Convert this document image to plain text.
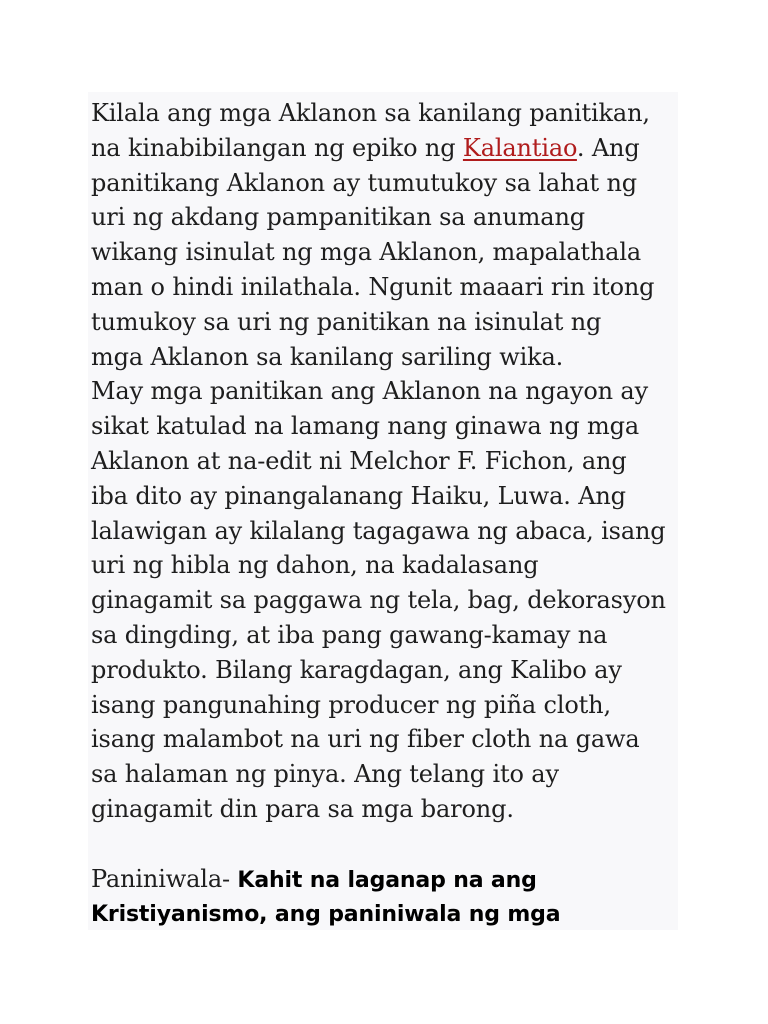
Kilala ang mga Aklanon sa kanilang panitikan,
na kinabibilangan ng epiko ng Kalantiao. Ang
panitikang Aklanon ay tumutukoy sa lahat ng
uri ng akdang pampanitikan sa anumang
wikang isinulat ng mga Aklanon, mapalathala
man o hindi inilathala. Ngunit maaari rin itong
tumukoy sa uri ng panitikan na isinulat ng
mga Aklanon sa kanilang sariling wika.
May mga panitikan ang Aklanon na ngayon ay
sikat katulad na lamang nang ginawa ng mga
Aklanon at na-edit ni Melchor F. Fichon, ang
iba dito ay pinangalanang Haiku, Luwa. Ang
lalawigan ay kilalang tagagawa ng abaca, isang
uri ng hibla ng dahon, na kadalasang
ginagamit sa paggawa ng tela, bag, dekorasyon
sa dingding, at iba pang gawang-kamay na
produkto. Bilang karagdagan, ang Kalibo ay
isang pangunahing producer ng piña cloth,
isang malambot na uri ng fiber cloth na gawa
sa halaman ng pinya. Ang telang ito ay
ginagamit din para sa mga barong.
Paniniwala- Kahit na laganap na ang
Kristiyanismo, ang paniniwala ng mga
